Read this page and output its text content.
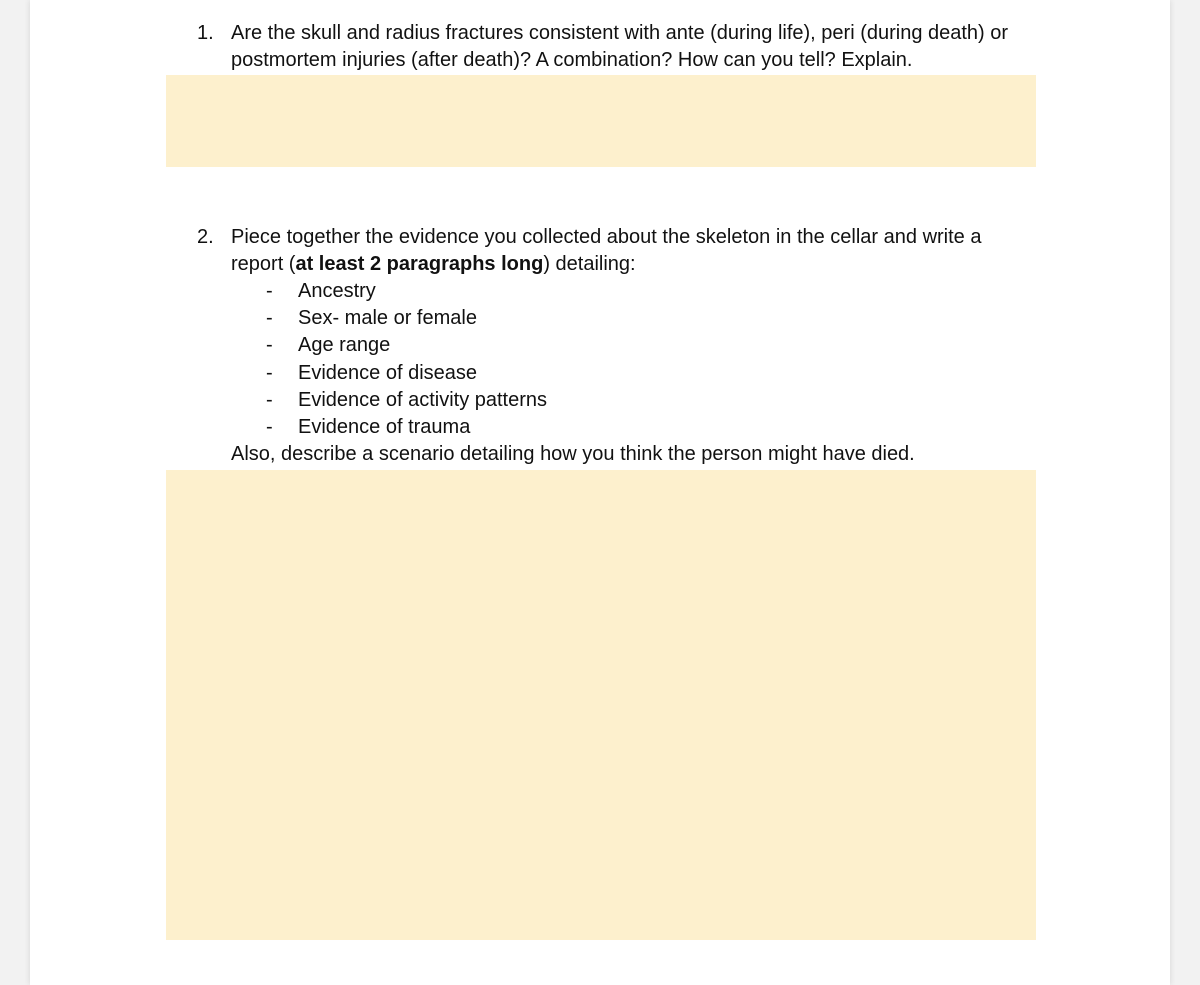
1. Are the skull and radius fractures consistent with ante (during life), peri (during death) or
postmortem injuries (after death)? A combination? How can you tell? Explain.

2. Piece together the evidence you collected about the skeleton in the cellar and write a
report (at least 2 paragraphs long) detailing:

- Ancestry
- Sex- male or female
- Age range
- Evidence of disease
- Evidence of activity patterns
- Evidence of trauma

Also, describe a scenario detailing how you think the person might have died.
